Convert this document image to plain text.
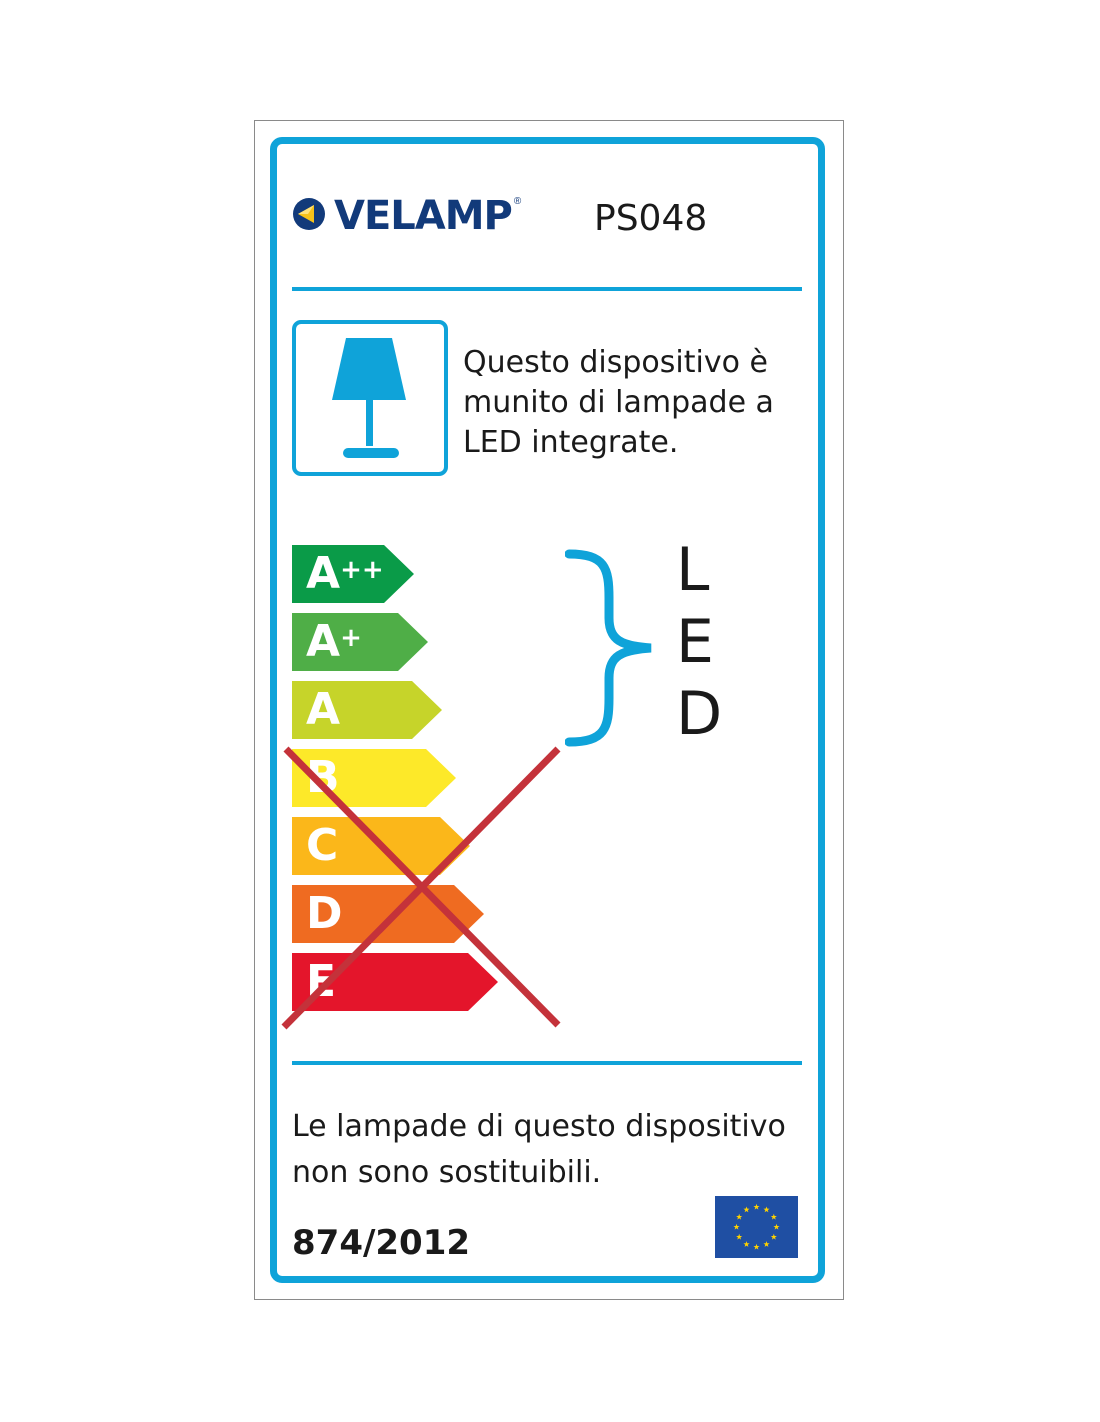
VELAMP ® PS048
Questo dispositivo è munito di lampade a LED integrate.
A++
A+
A
B
C
D
E
L
E
D
Le lampade di questo dispositivo non sono sostituibili.
874/2012
